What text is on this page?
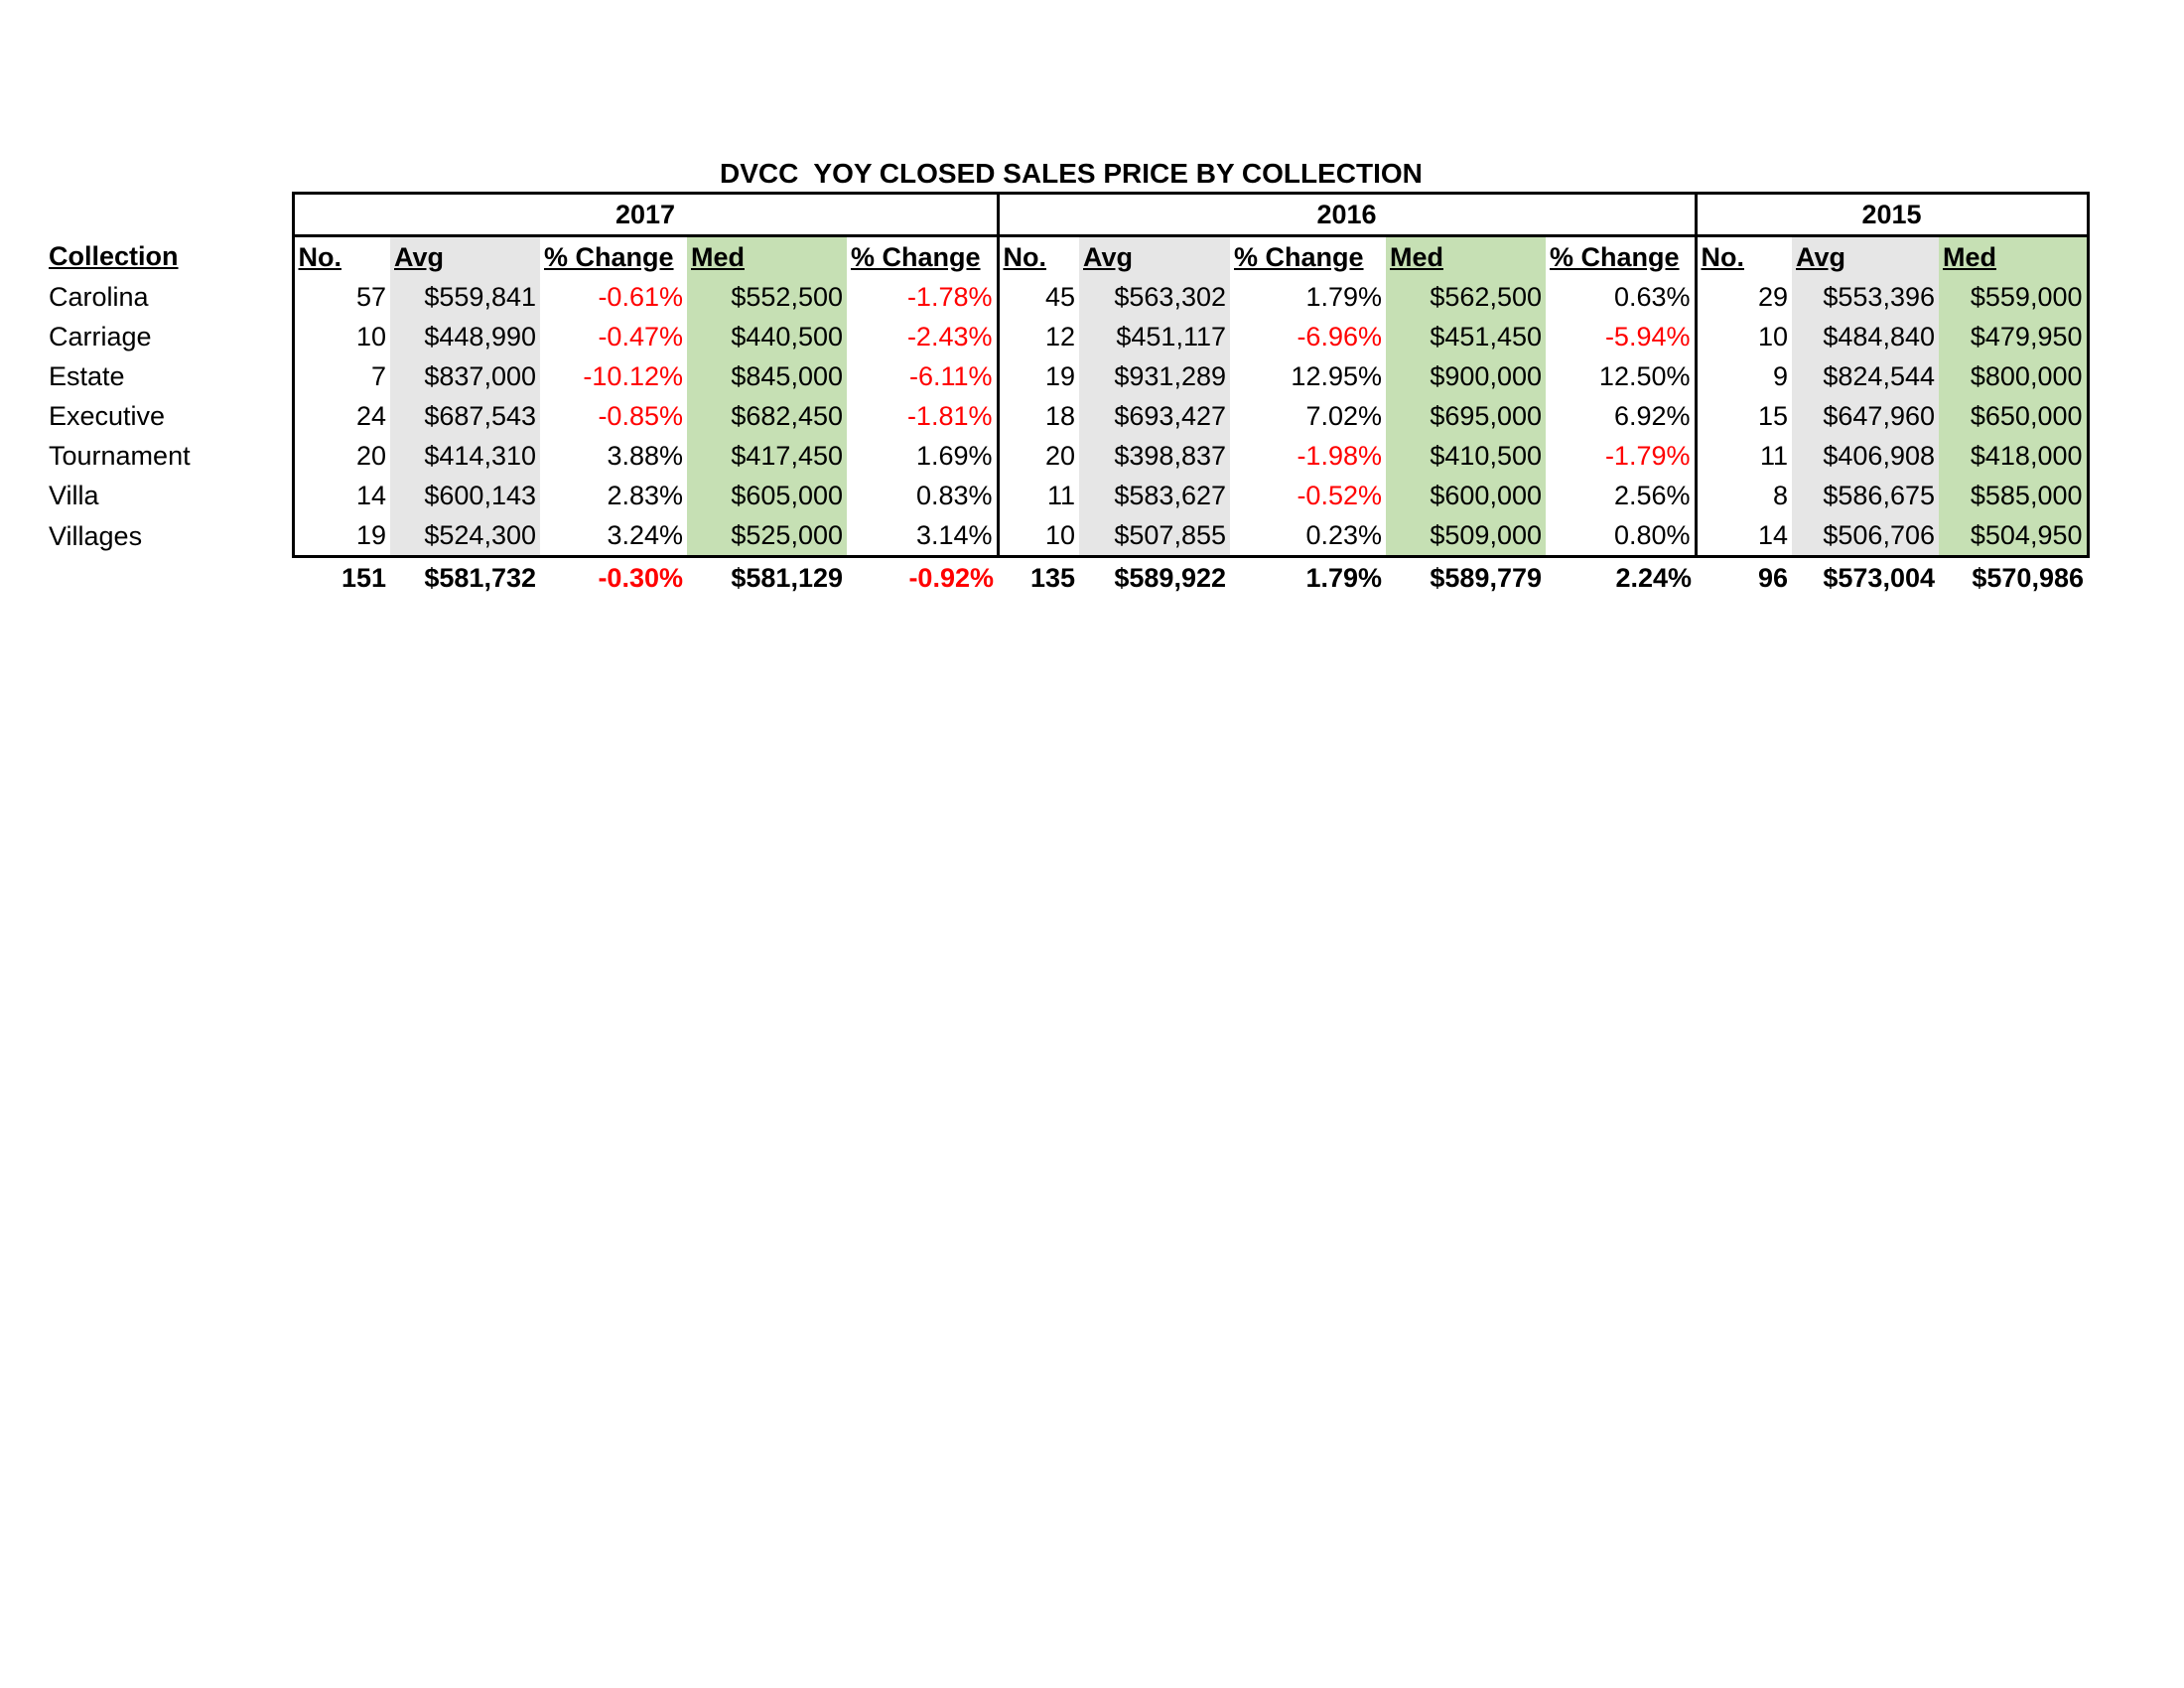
DVCC  YOY CLOSED SALES PRICE BY COLLECTION
	2017					2016					2015		
Collection	No.	Avg	% Change	Med	% Change	No.	Avg	% Change	Med	% Change	No.	Avg	Med
Carolina	57	$559,841	-0.61%	$552,500	-1.78%	45	$563,302	1.79%	$562,500	0.63%	29	$553,396	$559,000
Carriage	10	$448,990	-0.47%	$440,500	-2.43%	12	$451,117	-6.96%	$451,450	-5.94%	10	$484,840	$479,950
Estate	7	$837,000	-10.12%	$845,000	-6.11%	19	$931,289	12.95%	$900,000	12.50%	9	$824,544	$800,000
Executive	24	$687,543	-0.85%	$682,450	-1.81%	18	$693,427	7.02%	$695,000	6.92%	15	$647,960	$650,000
Tournament	20	$414,310	3.88%	$417,450	1.69%	20	$398,837	-1.98%	$410,500	-1.79%	11	$406,908	$418,000
Villa	14	$600,143	2.83%	$605,000	0.83%	11	$583,627	-0.52%	$600,000	2.56%	8	$586,675	$585,000
Villages	19	$524,300	3.24%	$525,000	3.14%	10	$507,855	0.23%	$509,000	0.80%	14	$506,706	$504,950
	151	$581,732	-0.30%	$581,129	-0.92%	135	$589,922	1.79%	$589,779	2.24%	96	$573,004	$570,986
